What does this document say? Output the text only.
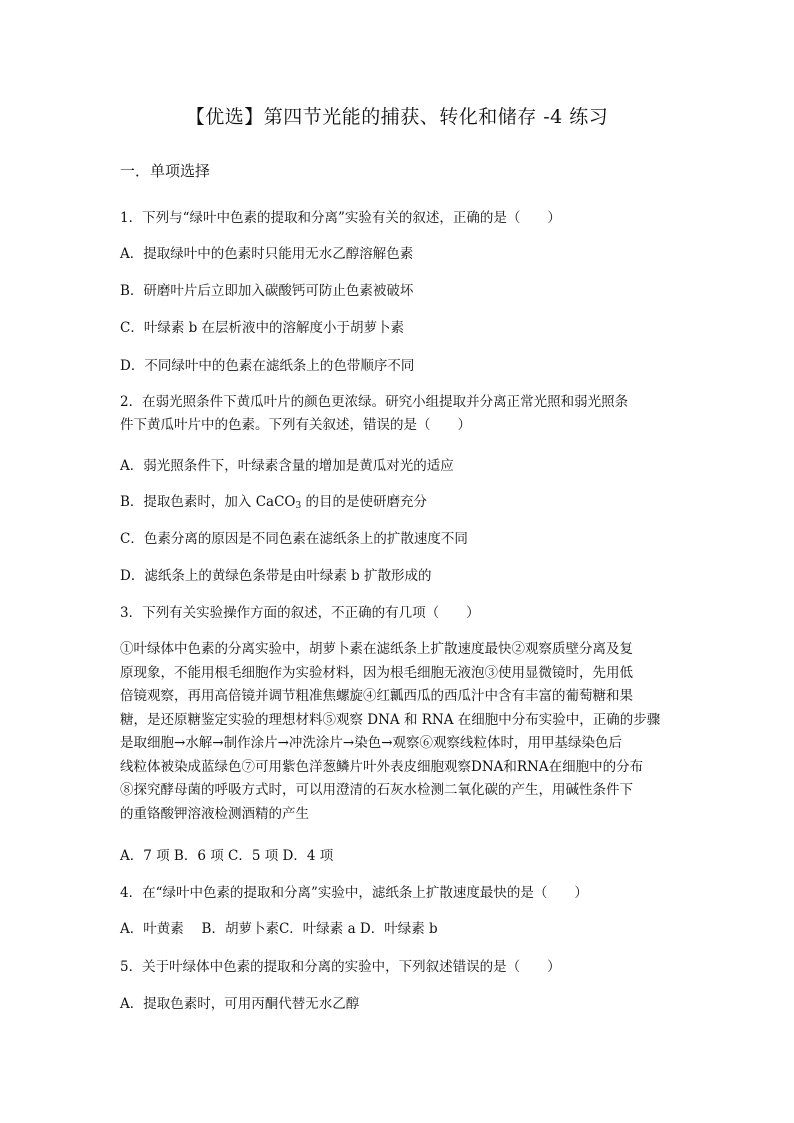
【优选】第四节光能的捕获、转化和储存 -4 练习
一．单项选择
1．下列与“绿叶中色素的提取和分离”实验有关的叙述，正确的是（　　）
A．提取绿叶中的色素时只能用无水乙醇溶解色素
B．研磨叶片后立即加入碳酸钙可防止色素被破坏
C．叶绿素 b 在层析液中的溶解度小于胡萝卜素
D．不同绿叶中的色素在滤纸条上的色带顺序不同
2．在弱光照条件下黄瓜叶片的颜色更浓绿。研究小组提取并分离正常光照和弱光照条
件下黄瓜叶片中的色素。下列有关叙述，错误的是（　　）
A．弱光照条件下，叶绿素含量的增加是黄瓜对光的适应
B．提取色素时，加入 CaCO$_3$ 的目的是使研磨充分
C．色素分离的原因是不同色素在滤纸条上的扩散速度不同
D．滤纸条上的黄绿色条带是由叶绿素 b 扩散形成的
3．下列有关实验操作方面的叙述，不正确的有几项（　　）
①叶绿体中色素的分离实验中，胡萝卜素在滤纸条上扩散速度最快②观察质壁分离及复
原现象，不能用根毛细胞作为实验材料，因为根毛细胞无液泡③使用显微镜时，先用低
倍镜观察，再用高倍镜并调节粗准焦螺旋④红瓤西瓜的西瓜汁中含有丰富的葡萄糖和果
糖，是还原糖鉴定实验的理想材料⑤观察 DNA 和 RNA 在细胞中分布实验中，正确的步骤
是取细胞→水解→制作涂片→冲洗涂片→染色→观察⑥观察线粒体时，用甲基绿染色后
线粒体被染成蓝绿色⑦可用紫色洋葱鳞片叶外表皮细胞观察DNA和RNA在细胞中的分布
⑧探究酵母菌的呼吸方式时，可以用澄清的石灰水检测二氧化碳的产生，用碱性条件下
的重铬酸钾溶液检测酒精的产生
A．7 项 B．6 项 C．5 项 D．4 项
4．在“绿叶中色素的提取和分离”实验中，滤纸条上扩散速度最快的是（　　）
A．叶黄素　 B．胡萝卜素C．叶绿素 a D．叶绿素 b
5．关于叶绿体中色素的提取和分离的实验中，下列叙述错误的是（　　）
A．提取色素时，可用丙酮代替无水乙醇
